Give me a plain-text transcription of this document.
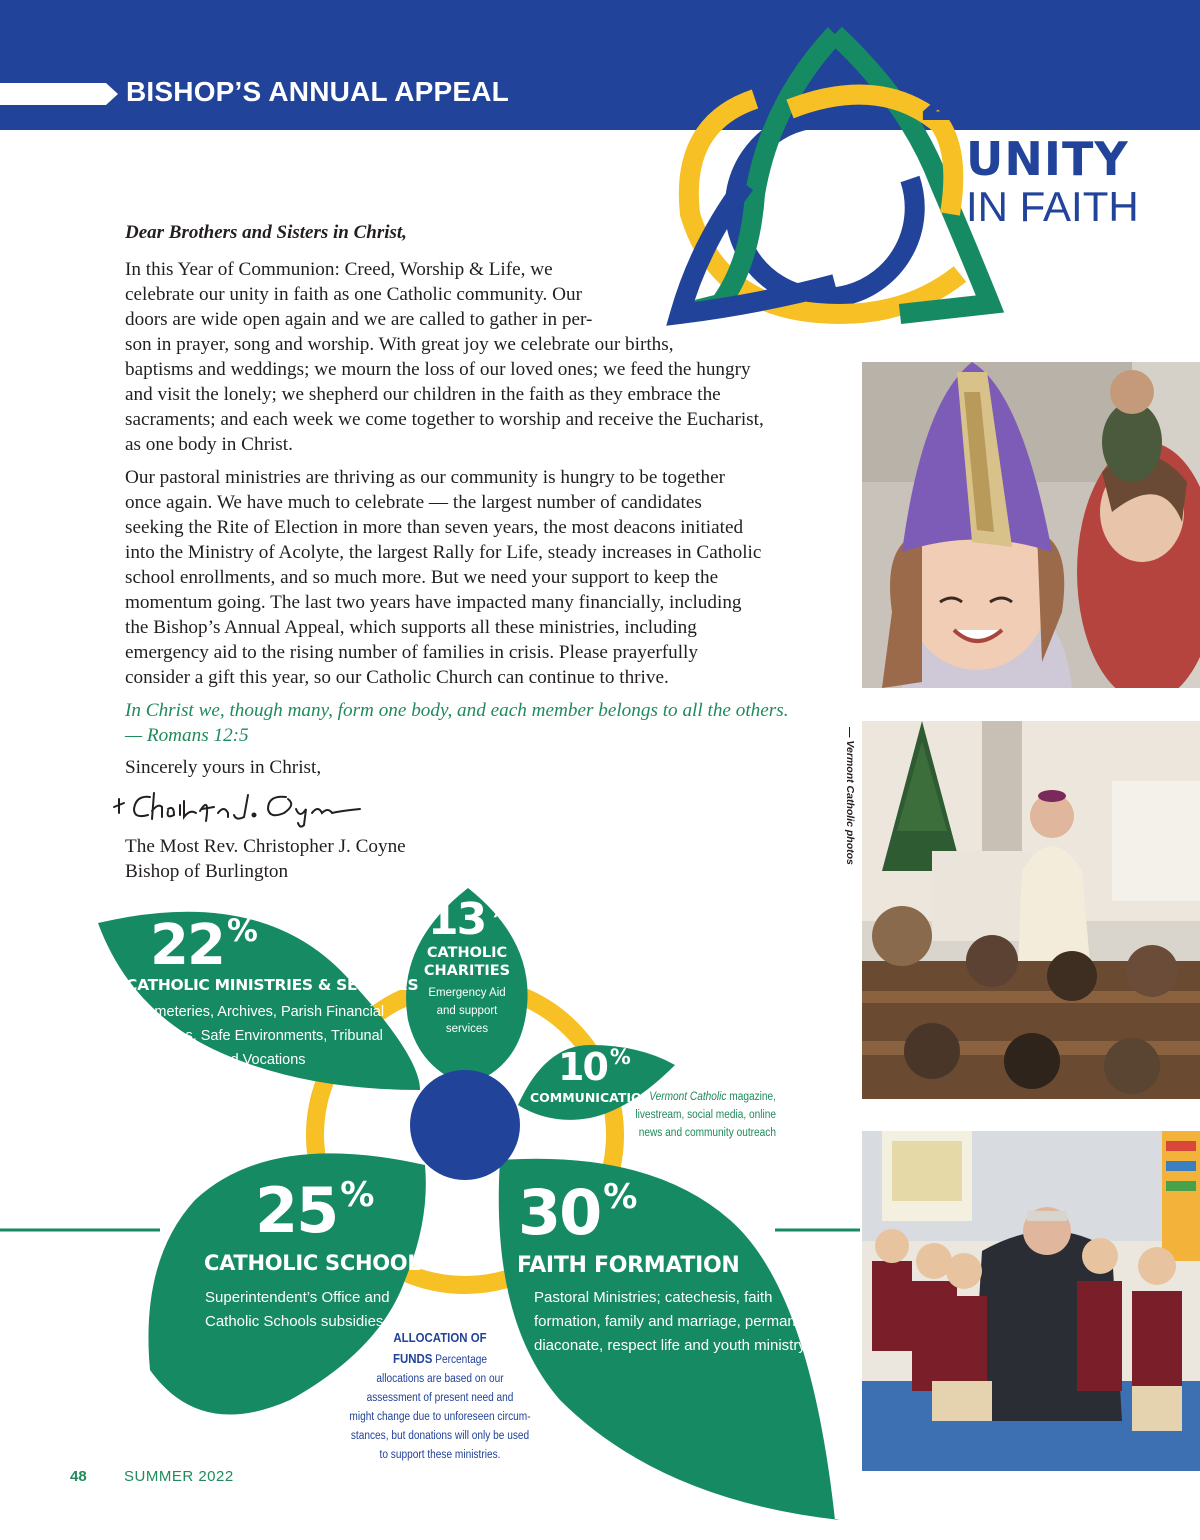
BISHOP’S ANNUAL APPEAL	2022
UNITY
IN FAITH
Dear Brothers and Sisters in Christ,
In this Year of Communion: Creed, Worship & Life, we
celebrate our unity in faith as one Catholic community. Our
doors are wide open again and we are called to gather in per-
son in prayer, song and worship. With great joy we celebrate our births,
baptisms and weddings; we mourn the loss of our loved ones; we feed the hungry
and visit the lonely; we shepherd our children in the faith as they embrace the
sacraments; and each week we come together to worship and receive the Eucharist,
as one body in Christ.
Our pastoral ministries are thriving as our community is hungry to be together
once again. We have much to celebrate — the largest number of candidates
seeking the Rite of Election in more than seven years, the most deacons initiated
into the Ministry of Acolyte, the largest Rally for Life, steady increases in Catholic
school enrollments, and so much more. But we need your support to keep the
momentum going. The last two years have impacted many financially, including
the Bishop’s Annual Appeal, which supports all these ministries, including
emergency aid to the rising number of families in crisis. Please prayerfully
consider a gift this year, so our Catholic Church can continue to thrive.
In Christ we, though many, form one body, and each member belongs to all the others.
— Romans 12:5
Sincerely yours in Christ,
The Most Rev. Christopher J. Coyne
Bishop of Burlington
— Vermont Catholic photos
22%
CATHOLIC MINISTRIES & SERVICES
Cemeteries, Archives, Parish Financial
Services, Safe Environments, Tribunal
and Vocations
13 %
CATHOLIC
CHARITIES
Emergency Aid
and support
services
10 %
COMMUNICATION
Vermont Catholic magazine,
livestream, social media, online
news and community outreach
25%
CATHOLIC SCHOOLS
Superintendent’s Office and
Catholic Schools subsidies
30%
FAITH FORMATION
Pastoral Ministries; catechesis, faith
formation, family and marriage, permanent
diaconate, respect life and youth ministry
ALLOCATION OF
FUNDS Percentage
allocations are based on our
assessment of present need and
might change due to unforeseen circum-
stances, but donations will only be used
to support these ministries.
48 SUMMER 2022
